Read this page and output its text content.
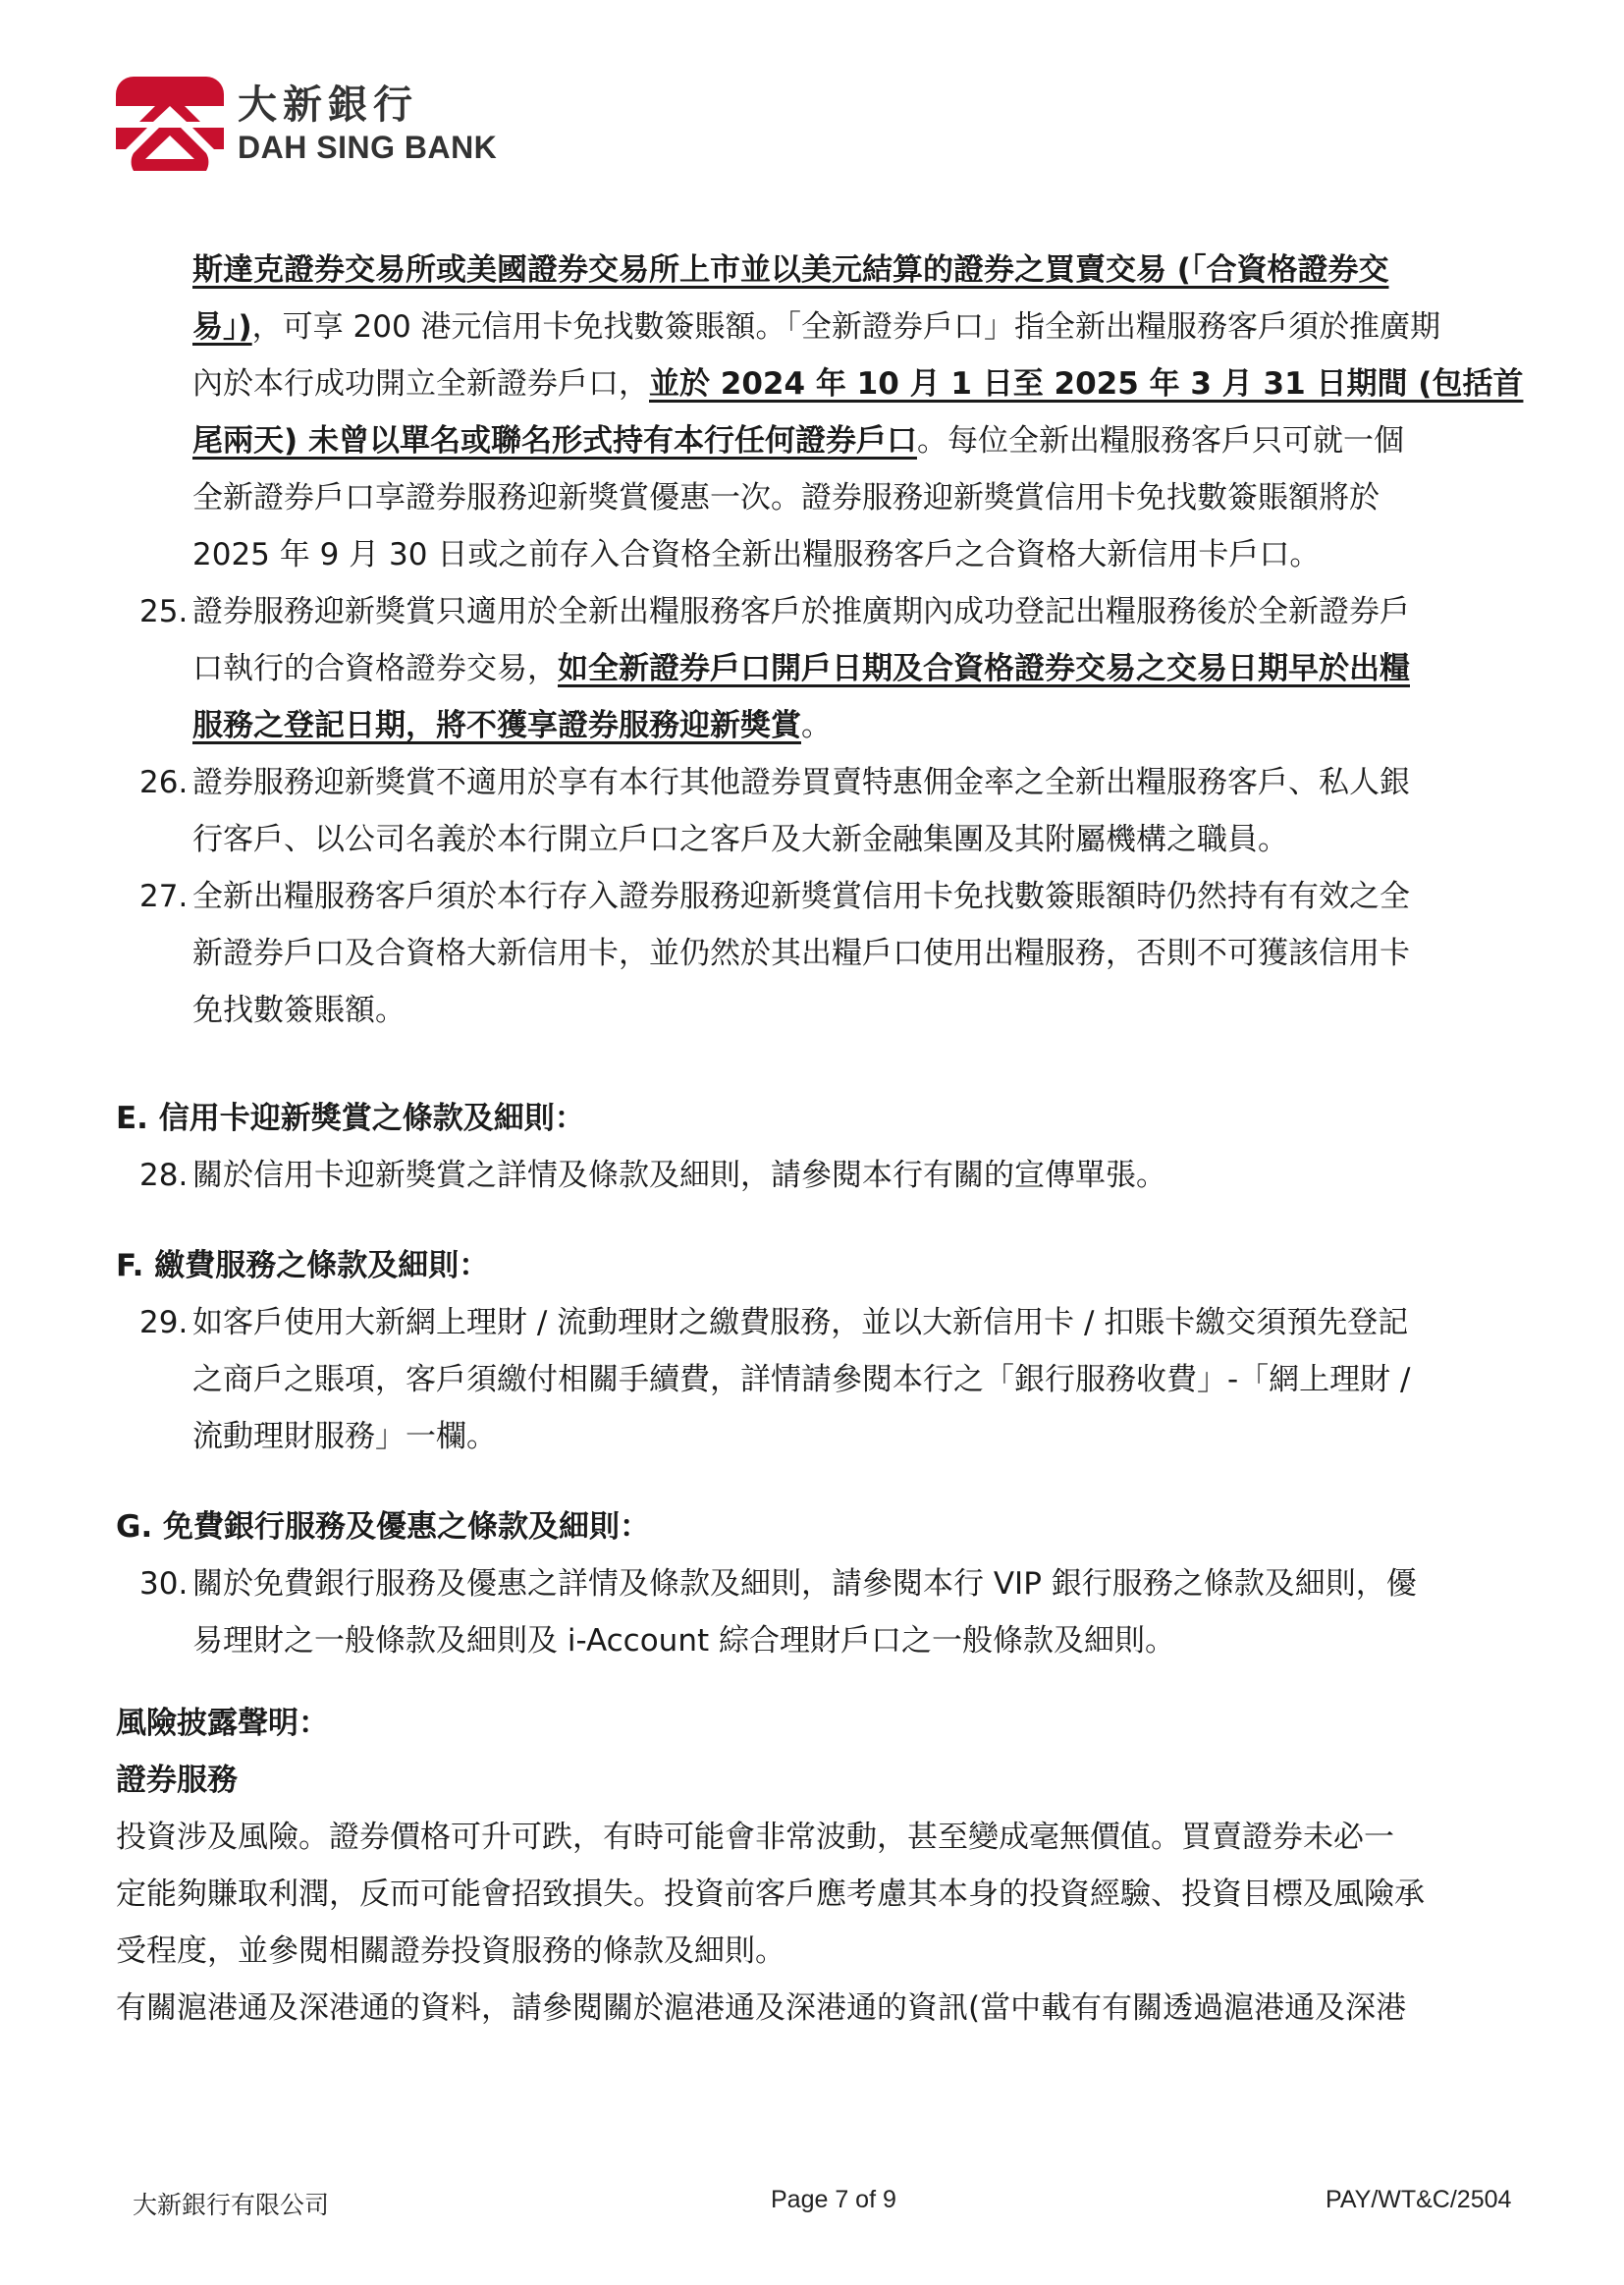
大新銀行
DAH SING BANK

斯達克證券交易所或美國證券交易所上市並以美元結算的證券之買賣交易 (「合資格證券交

易」)，可享 200 港元信用卡免找數簽賬額。「全新證券戶口」指全新出糧服務客戶須於推廣期

內於本行成功開立全新證券戶口，並於 2024 年 10 月 1 日至 2025 年 3 月 31 日期間 (包括首

尾兩天) 未曾以單名或聯名形式持有本行任何證券戶口。每位全新出糧服務客戶只可就一個

全新證券戶口享證券服務迎新獎賞優惠一次。證券服務迎新獎賞信用卡免找數簽賬額將於

2025 年 9 月 30 日或之前存入合資格全新出糧服務客戶之合資格大新信用卡戶口。

25. 證券服務迎新獎賞只適用於全新出糧服務客戶於推廣期內成功登記出糧服務後於全新證券戶
口執行的合資格證券交易，如全新證券戶口開戶日期及合資格證券交易之交易日期早於出糧
服務之登記日期，將不獲享證券服務迎新獎賞。
26. 證券服務迎新獎賞不適用於享有本行其他證券買賣特惠佣金率之全新出糧服務客戶、私人銀
行客戶、以公司名義於本行開立戶口之客戶及大新金融集團及其附屬機構之職員。
27. 全新出糧服務客戶須於本行存入證券服務迎新獎賞信用卡免找數簽賬額時仍然持有有效之全
新證券戶口及合資格大新信用卡，並仍然於其出糧戶口使用出糧服務，否則不可獲該信用卡
免找數簽賬額。

E. 信用卡迎新獎賞之條款及細則：

28. 關於信用卡迎新獎賞之詳情及條款及細則，請參閱本行有關的宣傳單張。

F. 繳費服務之條款及細則：

29. 如客戶使用大新網上理財 / 流動理財之繳費服務，並以大新信用卡 / 扣賬卡繳交須預先登記
之商戶之賬項，客戶須繳付相關手續費，詳情請參閱本行之「銀行服務收費」-「網上理財 /
流動理財服務」一欄。

G. 免費銀行服務及優惠之條款及細則：

30. 關於免費銀行服務及優惠之詳情及條款及細則，請參閱本行 VIP 銀行服務之條款及細則，優
易理財之一般條款及細則及 i-Account 綜合理財戶口之一般條款及細則。

風險披露聲明：

證券服務

投資涉及風險。證券價格可升可跌，有時可能會非常波動，甚至變成毫無價值。買賣證券未必一

定能夠賺取利潤，反而可能會招致損失。投資前客戶應考慮其本身的投資經驗、投資目標及風險承

受程度，並參閱相關證券投資服務的條款及細則。

有關滬港通及深港通的資料，請參閱關於滬港通及深港通的資訊(當中載有有關透過滬港通及深港

大新銀行有限公司	Page 7 of 9	PAY/WT&C/2504
